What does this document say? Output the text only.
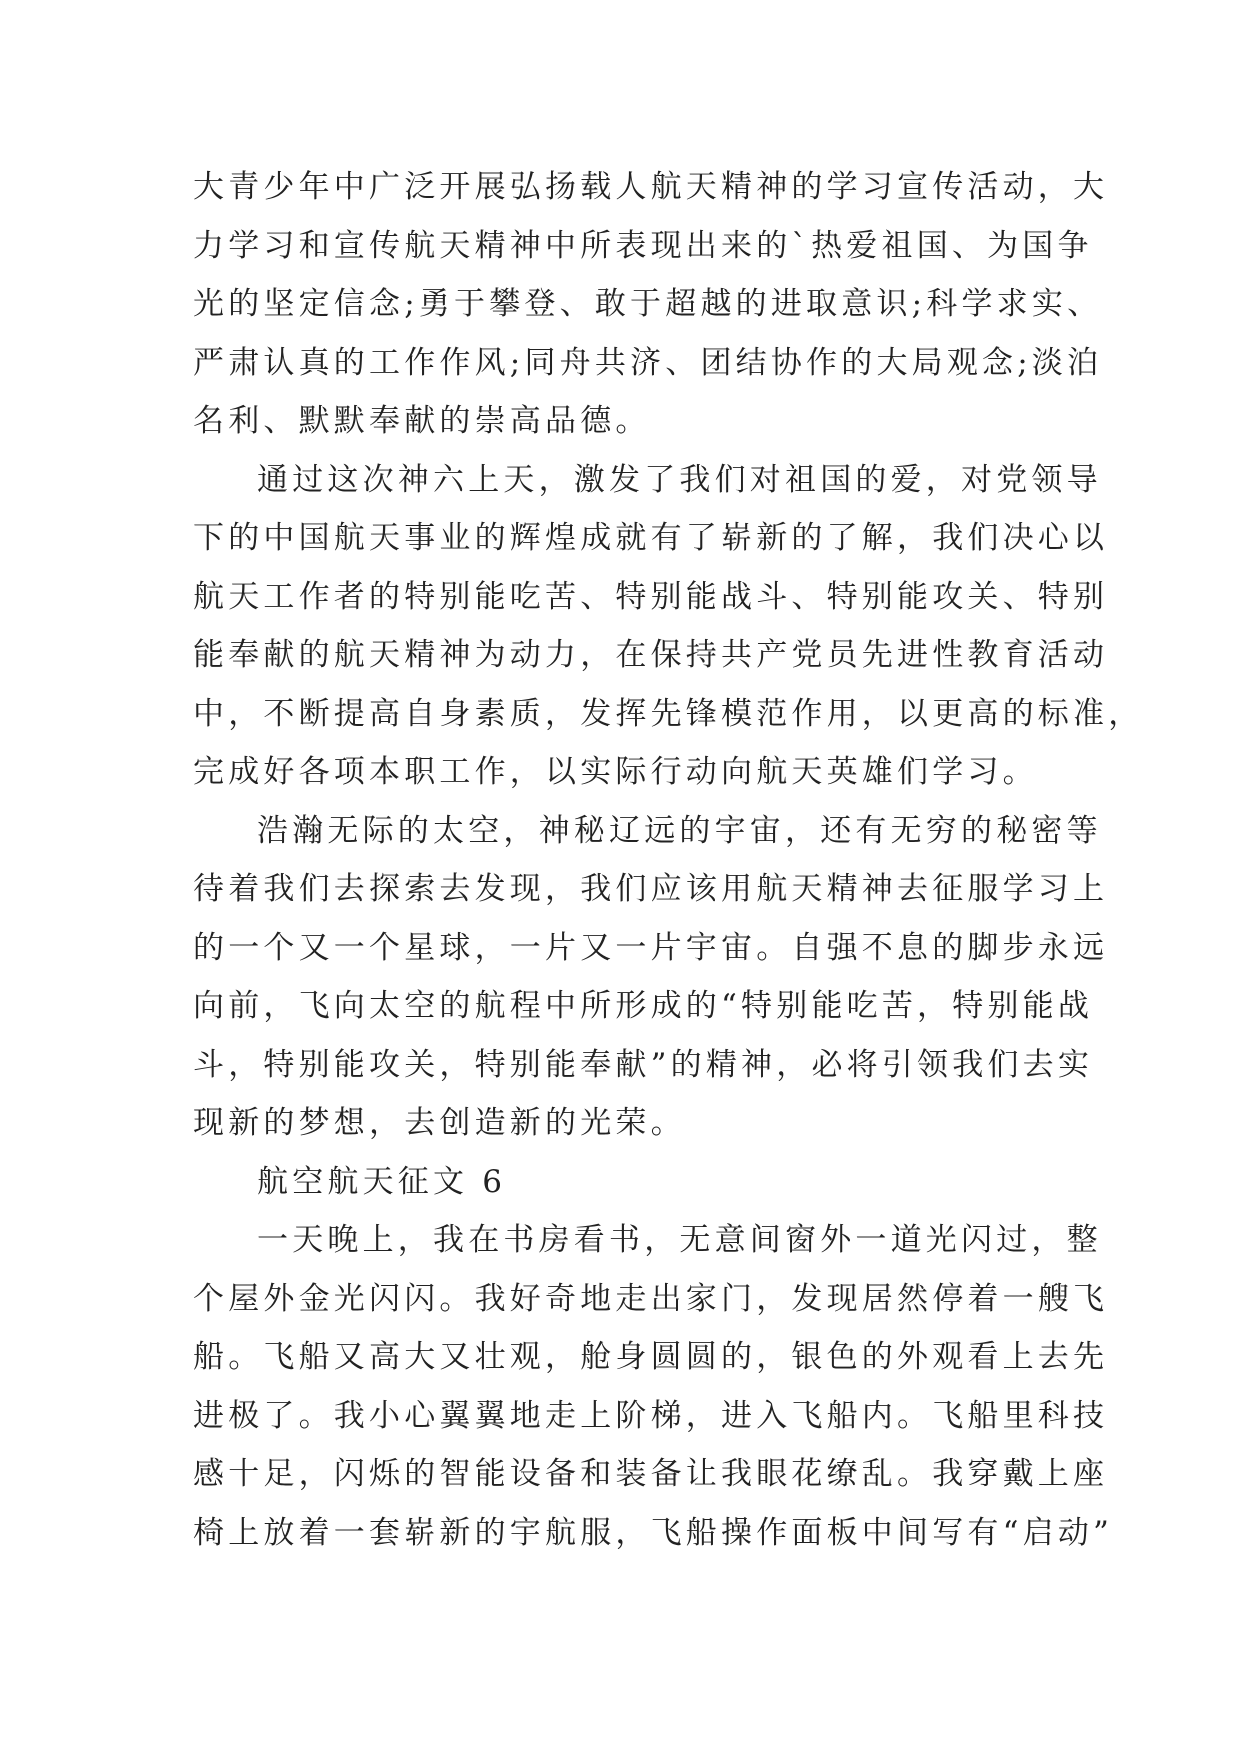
大青少年中广泛开展弘扬载人航天精神的学习宣传活动，大
力学习和宣传航天精神中所表现出来的`热爱祖国、为国争
光的坚定信念;勇于攀登、敢于超越的进取意识;科学求实、
严肃认真的工作作风;同舟共济、团结协作的大局观念;淡泊
名利、默默奉献的崇高品德。
通过这次神六上天，激发了我们对祖国的爱，对党领导
下的中国航天事业的辉煌成就有了崭新的了解，我们决心以
航天工作者的特别能吃苦、特别能战斗、特别能攻关、特别
能奉献的航天精神为动力，在保持共产党员先进性教育活动
中，不断提高自身素质，发挥先锋模范作用，以更高的标准，
完成好各项本职工作，以实际行动向航天英雄们学习。
浩瀚无际的太空，神秘辽远的宇宙，还有无穷的秘密等
待着我们去探索去发现，我们应该用航天精神去征服学习上
的一个又一个星球，一片又一片宇宙。自强不息的脚步永远
向前，飞向太空的航程中所形成的“特别能吃苦，特别能战
斗，特别能攻关，特别能奉献”的精神，必将引领我们去实
现新的梦想，去创造新的光荣。
航空航天征文 6
一天晚上，我在书房看书，无意间窗外一道光闪过，整
个屋外金光闪闪。我好奇地走出家门，发现居然停着一艘飞
船。飞船又高大又壮观，舱身圆圆的，银色的外观看上去先
进极了。我小心翼翼地走上阶梯，进入飞船内。飞船里科技
感十足，闪烁的智能设备和装备让我眼花缭乱。我穿戴上座
椅上放着一套崭新的宇航服，飞船操作面板中间写有“启动”
